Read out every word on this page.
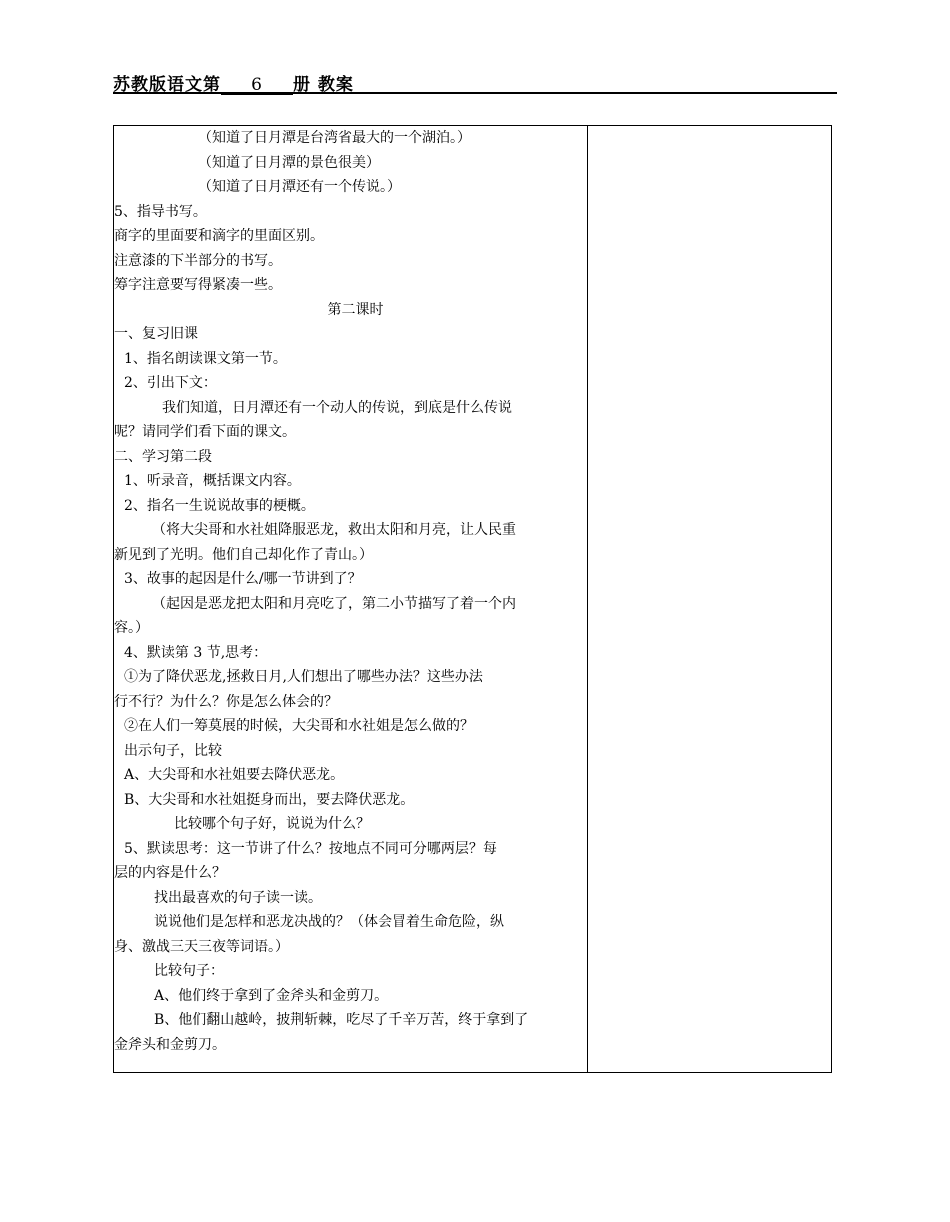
苏教版语文第 6 册 教案
（知道了日月潭是台湾省最大的一个湖泊。）
（知道了日月潭的景色很美）
（知道了日月潭还有一个传说。）
5、指导书写。
商字的里面要和滴字的里面区别。
注意漆的下半部分的书写。
筹字注意要写得紧凑一些。
第二课时
一、复习旧课
1、指名朗读课文第一节。
2、引出下文：
我们知道，日月潭还有一个动人的传说，到底是什么传说
呢？请同学们看下面的课文。
二、学习第二段
1、听录音，概括课文内容。
2、指名一生说说故事的梗概。
（将大尖哥和水社姐降服恶龙，救出太阳和月亮，让人民重
新见到了光明。他们自己却化作了青山。）
3、故事的起因是什么/哪一节讲到了？
（起因是恶龙把太阳和月亮吃了，第二小节描写了着一个内
容。）
4、默读第 3 节,思考：
①为了降伏恶龙,拯救日月,人们想出了哪些办法？这些办法
行不行？为什么？你是怎么体会的？
②在人们一筹莫展的时候，大尖哥和水社姐是怎么做的？
出示句子，比较
A、大尖哥和水社姐要去降伏恶龙。
B、大尖哥和水社姐挺身而出，要去降伏恶龙。
比较哪个句子好，说说为什么？
5、默读思考：这一节讲了什么？按地点不同可分哪两层？每
层的内容是什么？
找出最喜欢的句子读一读。
说说他们是怎样和恶龙决战的？（体会冒着生命危险，纵
身、激战三天三夜等词语。）
比较句子：
A、他们终于拿到了金斧头和金剪刀。
B、他们翻山越岭，披荆斩棘，吃尽了千辛万苦，终于拿到了
金斧头和金剪刀。
